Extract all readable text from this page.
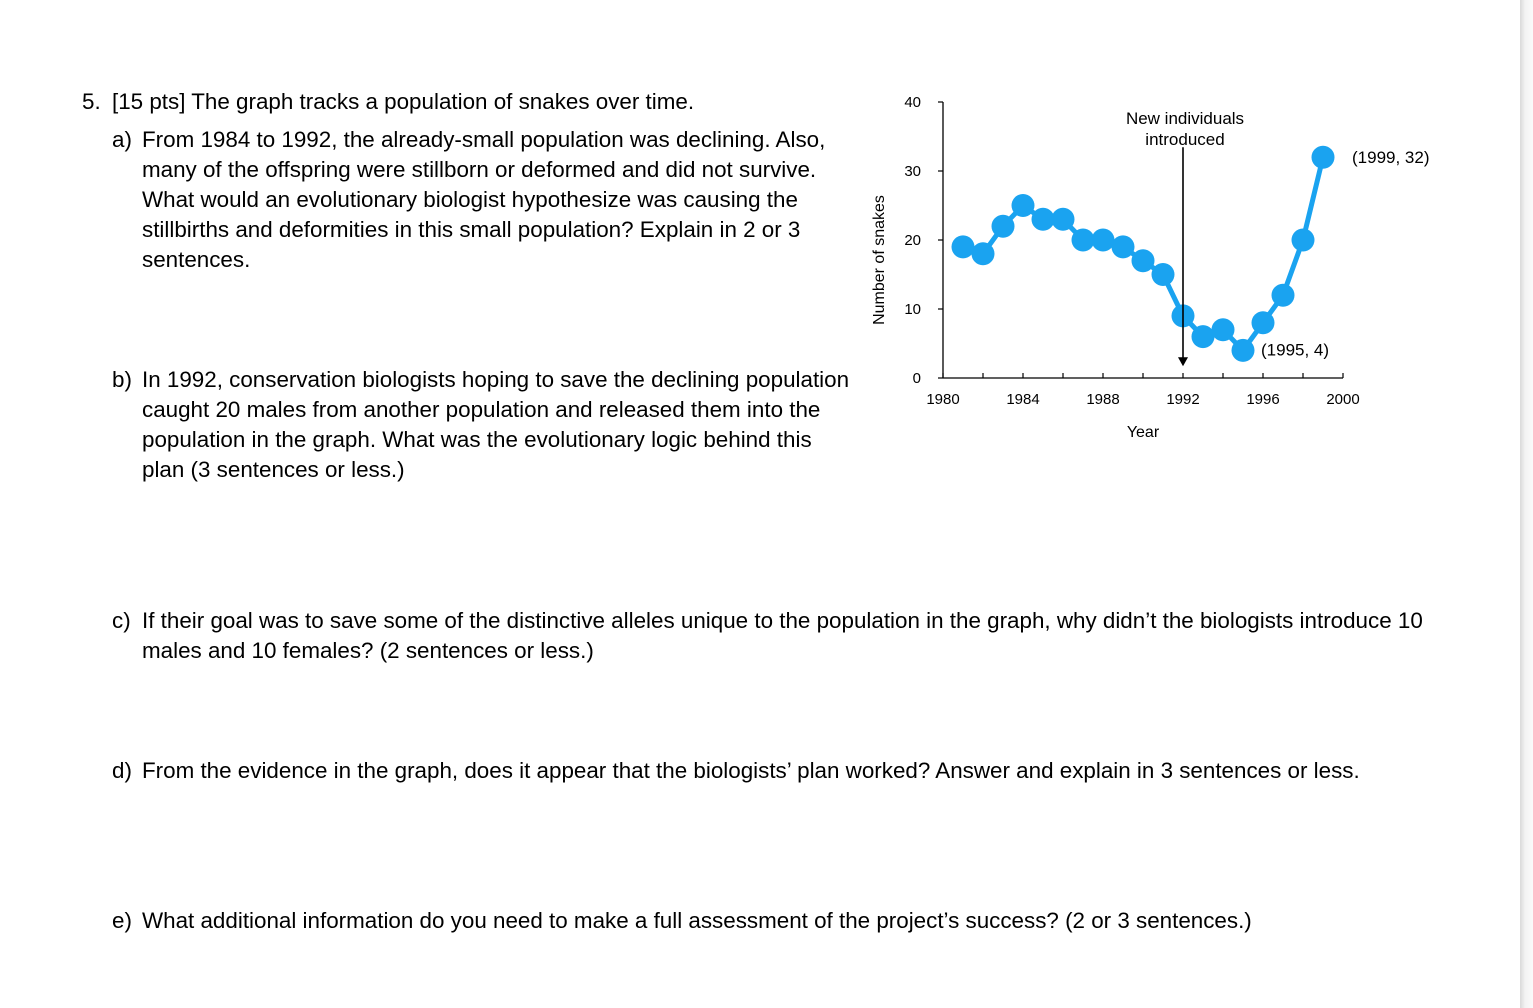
5. [15 pts] The graph tracks a population of snakes over time.
a) From 1984 to 1992, the already-small population was declining. Also, many of the offspring were stillborn or deformed and did not survive. What would an evolutionary biologist hypothesize was causing the stillbirths and deformities in this small population? Explain in 2 or 3 sentences.
b) In 1992, conservation biologists hoping to save the declining population caught 20 males from another population and released them into the population in the graph. What was the evolutionary logic behind this plan (3 sentences or less.)
c) If their goal was to save some of the distinctive alleles unique to the population in the graph, why didn’t the biologists introduce 10 males and 10 females? (2 sentences or less.)
d) From the evidence in the graph, does it appear that the biologists’ plan worked? Answer and explain in 3 sentences or less.
e) What additional information do you need to make a full assessment of the project’s success? (2 or 3 sentences.)
Year
Number of snakes
0
10
20
30
40
1980	1984	1988	1992	1996	2000
New individuals
introduced
(1995, 4)
(1999, 32)
